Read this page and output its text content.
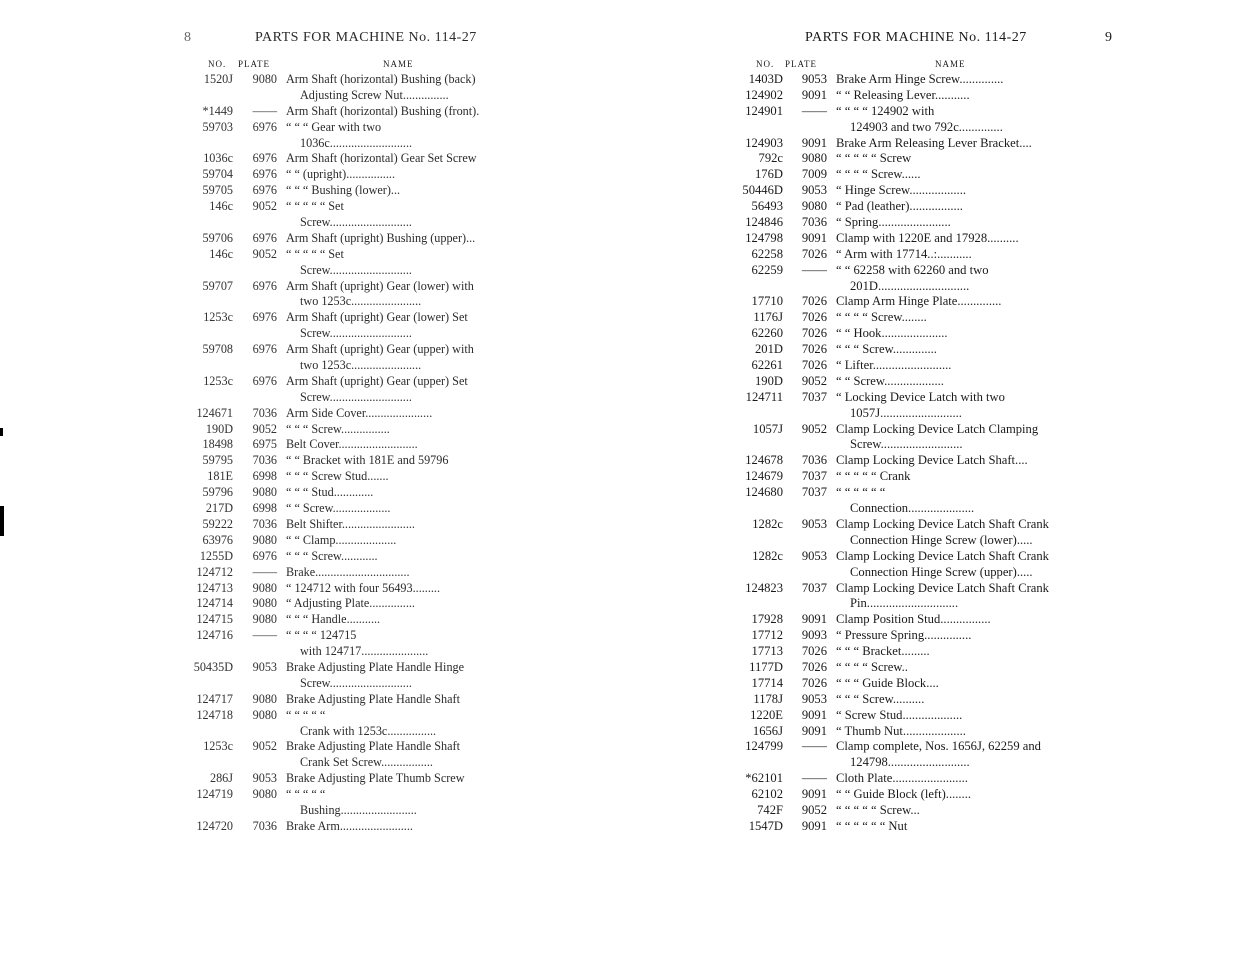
8	PARTS FOR MACHINE No. 114-27
NO. PLATE	NAME
1520J	9080 Arm Shaft (horizontal) Bushing (back)
Adjusting Screw Nut...............
*1449	—— Arm Shaft (horizontal) Bushing (front).
59703	6976 “ “ “ Gear with two
1036c...........................
1036c	6976 Arm Shaft (horizontal) Gear Set Screw
59704	6976 “ “ (upright)................
59705	6976 “ “ “ Bushing (lower)...
146c	9052 “ “ “ “ “ Set
Screw...........................
59706	6976 Arm Shaft (upright) Bushing (upper)...
146c	9052 “ “ “ “ “ Set
Screw...........................
59707	6976 Arm Shaft (upright) Gear (lower) with
two 1253c.......................
1253c	6976 Arm Shaft (upright) Gear (lower) Set
Screw...........................
59708	6976 Arm Shaft (upright) Gear (upper) with
two 1253c.......................
1253c	6976 Arm Shaft (upright) Gear (upper) Set
Screw...........................
124671	7036 Arm Side Cover......................
190D	9052 “ “ “ Screw................
18498	6975 Belt Cover..........................
59795	7036 “ “ Bracket with 181E and 59796
181E	6998 “ “ “ Screw Stud.......
59796	9080 “ “ “ Stud.............
217D	6998 “ “ Screw...................
59222	7036 Belt Shifter........................
63976	9080 “ “ Clamp....................
1255D	6976 “ “ “ Screw............
124712	—— Brake...............................
124713	9080 “ 124712 with four 56493.........
124714	9080 “ Adjusting Plate...............
124715	9080 “ “ “ Handle...........
124716	—— “ “ “ “ 124715
with 124717......................
50435D	9053 Brake Adjusting Plate Handle Hinge
Screw...........................
124717	9080 Brake Adjusting Plate Handle Shaft
124718	9080 “ “ “ “ “
Crank with 1253c................
1253c	9052 Brake Adjusting Plate Handle Shaft
Crank Set Screw.................
286J	9053 Brake Adjusting Plate Thumb Screw
124719	9080 “ “ “ “ “
Bushing.........................
124720	7036 Brake Arm........................
PARTS FOR MACHINE No. 114-27	9
NO. PLATE	NAME
1403D	9053 Brake Arm Hinge Screw..............
124902	9091 “ “ Releasing Lever...........
124901	—— “ “ “ “ 124902 with
124903 and two 792c..............
124903	9091 Brake Arm Releasing Lever Bracket....
792c	9080 “ “ “ “ “ Screw
176D	7009 “ “ “ “ Screw......
50446D	9053 “ Hinge Screw..................
56493	9080 “ Pad (leather).................
124846	7036 “ Spring.......................
124798	9091 Clamp with 1220E and 17928..........
62258	7026 “ Arm with 17714..:...........
62259	—— “ “ 62258 with 62260 and two
201D.............................
17710	7026 Clamp Arm Hinge Plate..............
1176J	7026 “ “ “ “ Screw........
62260	7026 “ “ Hook.....................
201D	7026 “ “ “ Screw..............
62261	7026 “ Lifter.........................
190D	9052 “ “ Screw...................
124711	7037 “ Locking Device Latch with two
1057J..........................
1057J	9052 Clamp Locking Device Latch Clamping
Screw..........................
124678	7036 Clamp Locking Device Latch Shaft....
124679	7037 “ “ “ “ “ Crank
124680	7037 “ “ “ “ “ “
Connection.....................
1282c	9053 Clamp Locking Device Latch Shaft Crank
Connection Hinge Screw (lower).....
1282c	9053 Clamp Locking Device Latch Shaft Crank
Connection Hinge Screw (upper).....
124823	7037 Clamp Locking Device Latch Shaft Crank
Pin.............................
17928	9091 Clamp Position Stud................
17712	9093 “ Pressure Spring...............
17713	7026 “ “ “ Bracket.........
1177D	7026 “ “ “ “ Screw..
17714	7026 “ “ “ Guide Block....
1178J	9053 “ “ “ Screw..........
1220E	9091 “ Screw Stud...................
1656J	9091 “ Thumb Nut....................
124799	—— Clamp complete, Nos. 1656J, 62259 and
124798..........................
*62101	—— Cloth Plate........................
62102	9091 “ “ Guide Block (left)........
742F	9052 “ “ “ “ “ Screw...
1547D	9091 “ “ “ “ “ “ Nut
